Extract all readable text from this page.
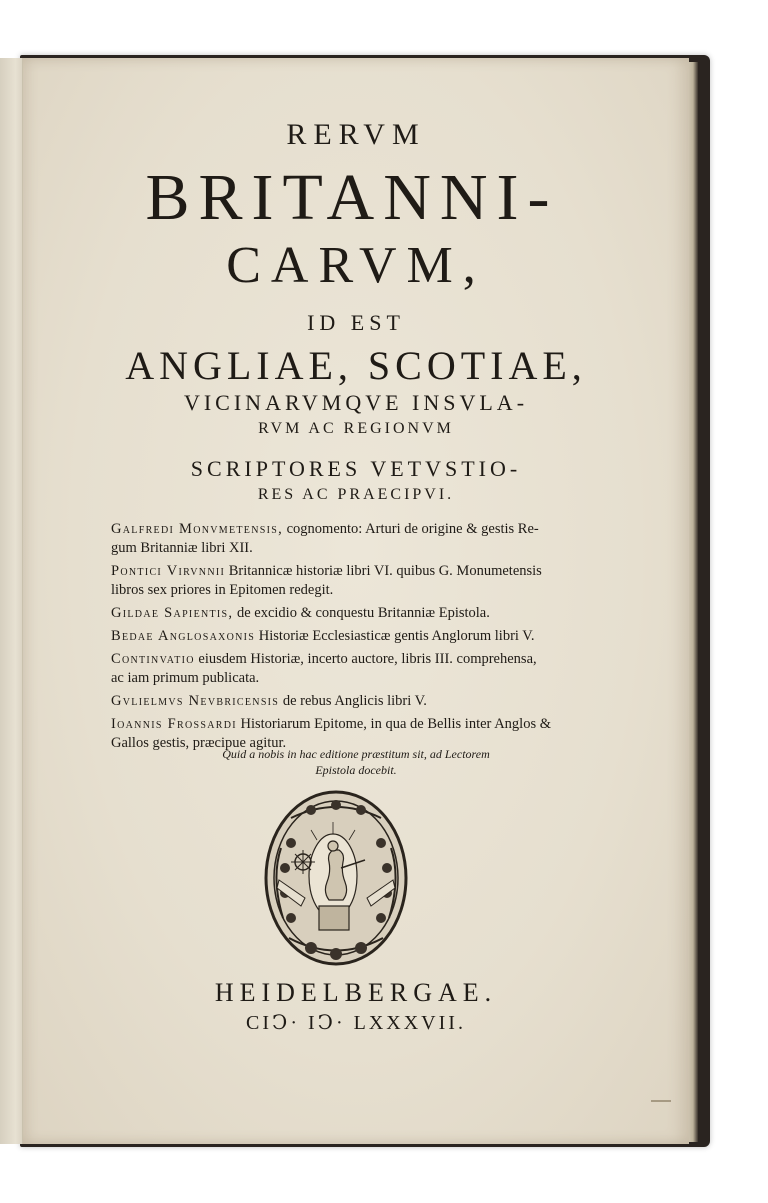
RERVM
BRITANNI-
CARVM,
ID EST
ANGLIAE, SCOTIAE,
VICINARVMQVE INSVLA-
RVM AC REGIONVM
SCRIPTORES VETVSTIO-
RES AC PRAECIPVI.
Galfredi Monvmetensis, cognomento: Arturi de origine & gestis Re-
gum Britanniæ libri XII.
Pontici Virvnnii Britannicæ historiæ libri VI. quibus G. Monumetensis
libros sex priores in Epitomen redegit.
Gildae Sapientis, de excidio & conquestu Britanniæ Epistola.
Bedae Anglosaxonis Historiæ Ecclesiasticæ gentis Anglorum libri V.
Continvatio eiusdem Historiæ, incerto auctore, libris III. comprehensa,
ac iam primum publicata.
Gvlielmvs Nevbricensis de rebus Anglicis libri V.
Ioannis Frossardi Historiarum Epitome, in qua de Bellis inter Anglos &
Gallos gestis, præcipue agitur.
Quid a nobis in hac editione præstitum sit, ad Lectorem
Epistola docebit.
HEIDELBERGAE.
CIↃ· IↃ· LXXXVII.
